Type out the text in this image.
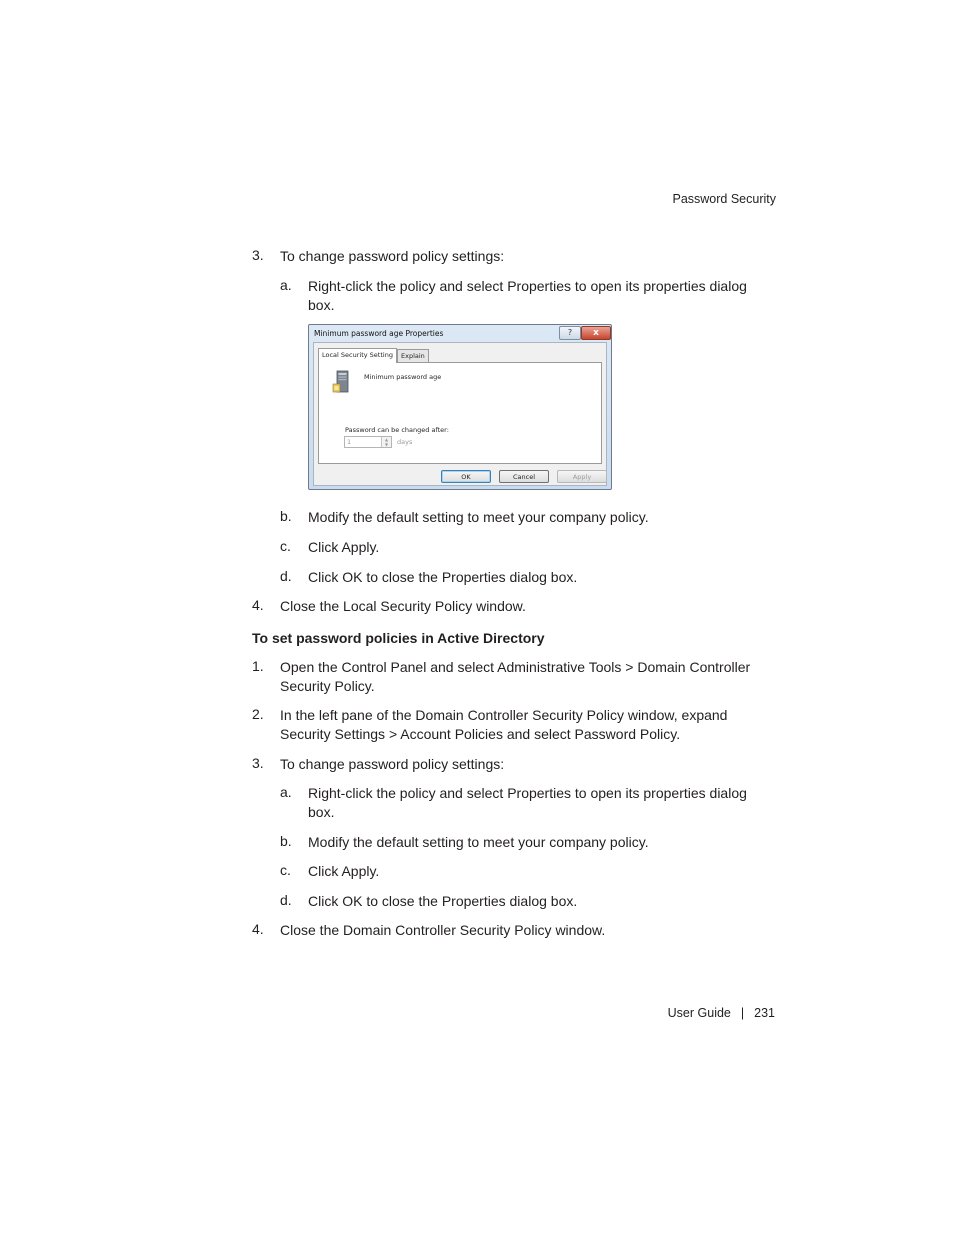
Password Security
3. To change password policy settings:
a. Right-click the policy and select Properties to open its properties dialog
box.
Minimum password age Properties	?	x
Local Security Setting	Explain
Minimum password age
Password can be changed after:
1	▲
▼	days
OK	Cancel	Apply
b. Modify the default setting to meet your company policy.
c. Click Apply.
d. Click OK to close the Properties dialog box.
4. Close the Local Security Policy window.
To set password policies in Active Directory
1. Open the Control Panel and select Administrative Tools > Domain Controller
Security Policy.
2. In the left pane of the Domain Controller Security Policy window, expand
Security Settings > Account Policies and select Password Policy.
3. To change password policy settings:
a. Right-click the policy and select Properties to open its properties dialog
box.
b. Modify the default setting to meet your company policy.
c. Click Apply.
d. Click OK to close the Properties dialog box.
4. Close the Domain Controller Security Policy window.
User Guide | 231
